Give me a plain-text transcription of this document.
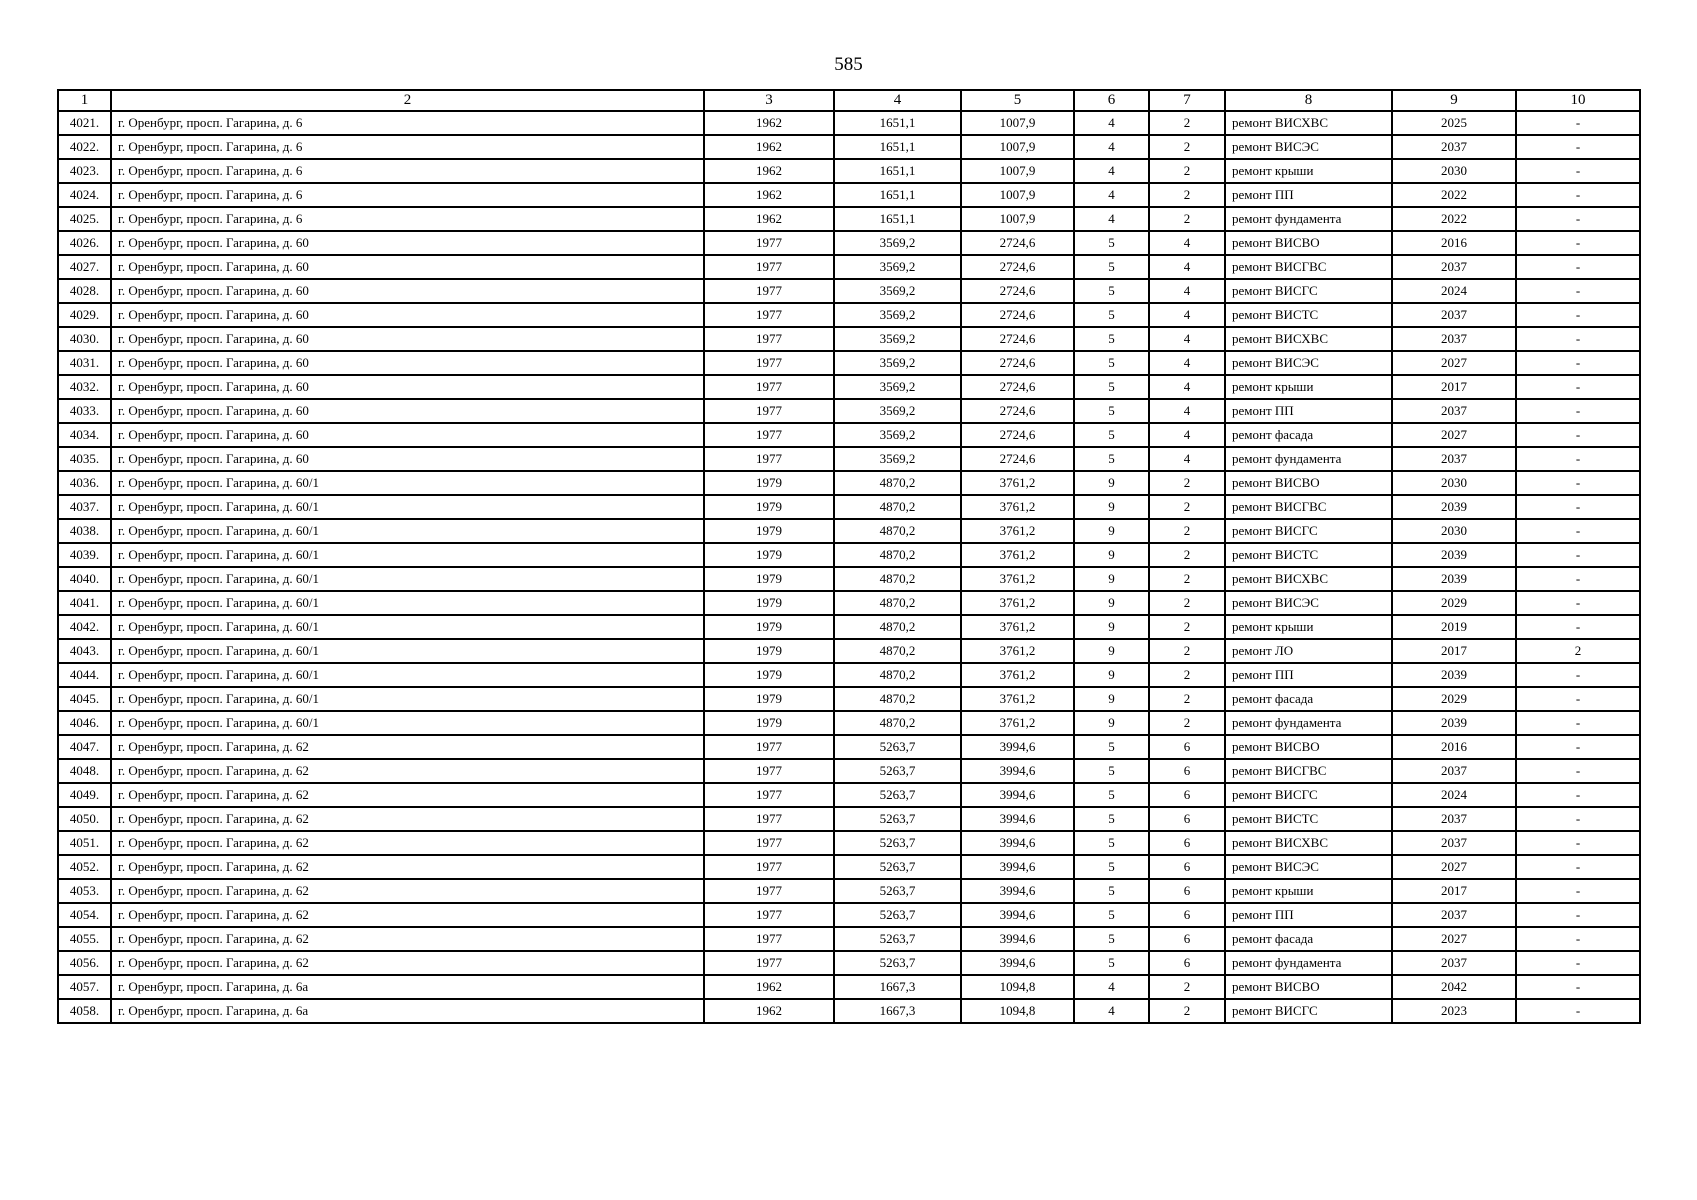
585
1	2	3	4	5	6	7	8	9	10
4021.	г. Оренбург, просп. Гагарина, д. 6	1962	1651,1	1007,9	4	2	ремонт ВИСХВС	2025	-
4022.	г. Оренбург, просп. Гагарина, д. 6	1962	1651,1	1007,9	4	2	ремонт ВИСЭС	2037	-
4023.	г. Оренбург, просп. Гагарина, д. 6	1962	1651,1	1007,9	4	2	ремонт крыши	2030	-
4024.	г. Оренбург, просп. Гагарина, д. 6	1962	1651,1	1007,9	4	2	ремонт ПП	2022	-
4025.	г. Оренбург, просп. Гагарина, д. 6	1962	1651,1	1007,9	4	2	ремонт фундамента	2022	-
4026.	г. Оренбург, просп. Гагарина, д. 60	1977	3569,2	2724,6	5	4	ремонт ВИСВО	2016	-
4027.	г. Оренбург, просп. Гагарина, д. 60	1977	3569,2	2724,6	5	4	ремонт ВИСГВС	2037	-
4028.	г. Оренбург, просп. Гагарина, д. 60	1977	3569,2	2724,6	5	4	ремонт ВИСГС	2024	-
4029.	г. Оренбург, просп. Гагарина, д. 60	1977	3569,2	2724,6	5	4	ремонт ВИСТС	2037	-
4030.	г. Оренбург, просп. Гагарина, д. 60	1977	3569,2	2724,6	5	4	ремонт ВИСХВС	2037	-
4031.	г. Оренбург, просп. Гагарина, д. 60	1977	3569,2	2724,6	5	4	ремонт ВИСЭС	2027	-
4032.	г. Оренбург, просп. Гагарина, д. 60	1977	3569,2	2724,6	5	4	ремонт крыши	2017	-
4033.	г. Оренбург, просп. Гагарина, д. 60	1977	3569,2	2724,6	5	4	ремонт ПП	2037	-
4034.	г. Оренбург, просп. Гагарина, д. 60	1977	3569,2	2724,6	5	4	ремонт фасада	2027	-
4035.	г. Оренбург, просп. Гагарина, д. 60	1977	3569,2	2724,6	5	4	ремонт фундамента	2037	-
4036.	г. Оренбург, просп. Гагарина, д. 60/1	1979	4870,2	3761,2	9	2	ремонт ВИСВО	2030	-
4037.	г. Оренбург, просп. Гагарина, д. 60/1	1979	4870,2	3761,2	9	2	ремонт ВИСГВС	2039	-
4038.	г. Оренбург, просп. Гагарина, д. 60/1	1979	4870,2	3761,2	9	2	ремонт ВИСГС	2030	-
4039.	г. Оренбург, просп. Гагарина, д. 60/1	1979	4870,2	3761,2	9	2	ремонт ВИСТС	2039	-
4040.	г. Оренбург, просп. Гагарина, д. 60/1	1979	4870,2	3761,2	9	2	ремонт ВИСХВС	2039	-
4041.	г. Оренбург, просп. Гагарина, д. 60/1	1979	4870,2	3761,2	9	2	ремонт ВИСЭС	2029	-
4042.	г. Оренбург, просп. Гагарина, д. 60/1	1979	4870,2	3761,2	9	2	ремонт крыши	2019	-
4043.	г. Оренбург, просп. Гагарина, д. 60/1	1979	4870,2	3761,2	9	2	ремонт ЛО	2017	2
4044.	г. Оренбург, просп. Гагарина, д. 60/1	1979	4870,2	3761,2	9	2	ремонт ПП	2039	-
4045.	г. Оренбург, просп. Гагарина, д. 60/1	1979	4870,2	3761,2	9	2	ремонт фасада	2029	-
4046.	г. Оренбург, просп. Гагарина, д. 60/1	1979	4870,2	3761,2	9	2	ремонт фундамента	2039	-
4047.	г. Оренбург, просп. Гагарина, д. 62	1977	5263,7	3994,6	5	6	ремонт ВИСВО	2016	-
4048.	г. Оренбург, просп. Гагарина, д. 62	1977	5263,7	3994,6	5	6	ремонт ВИСГВС	2037	-
4049.	г. Оренбург, просп. Гагарина, д. 62	1977	5263,7	3994,6	5	6	ремонт ВИСГС	2024	-
4050.	г. Оренбург, просп. Гагарина, д. 62	1977	5263,7	3994,6	5	6	ремонт ВИСТС	2037	-
4051.	г. Оренбург, просп. Гагарина, д. 62	1977	5263,7	3994,6	5	6	ремонт ВИСХВС	2037	-
4052.	г. Оренбург, просп. Гагарина, д. 62	1977	5263,7	3994,6	5	6	ремонт ВИСЭС	2027	-
4053.	г. Оренбург, просп. Гагарина, д. 62	1977	5263,7	3994,6	5	6	ремонт крыши	2017	-
4054.	г. Оренбург, просп. Гагарина, д. 62	1977	5263,7	3994,6	5	6	ремонт ПП	2037	-
4055.	г. Оренбург, просп. Гагарина, д. 62	1977	5263,7	3994,6	5	6	ремонт фасада	2027	-
4056.	г. Оренбург, просп. Гагарина, д. 62	1977	5263,7	3994,6	5	6	ремонт фундамента	2037	-
4057.	г. Оренбург, просп. Гагарина, д. 6а	1962	1667,3	1094,8	4	2	ремонт ВИСВО	2042	-
4058.	г. Оренбург, просп. Гагарина, д. 6а	1962	1667,3	1094,8	4	2	ремонт ВИСГС	2023	-
